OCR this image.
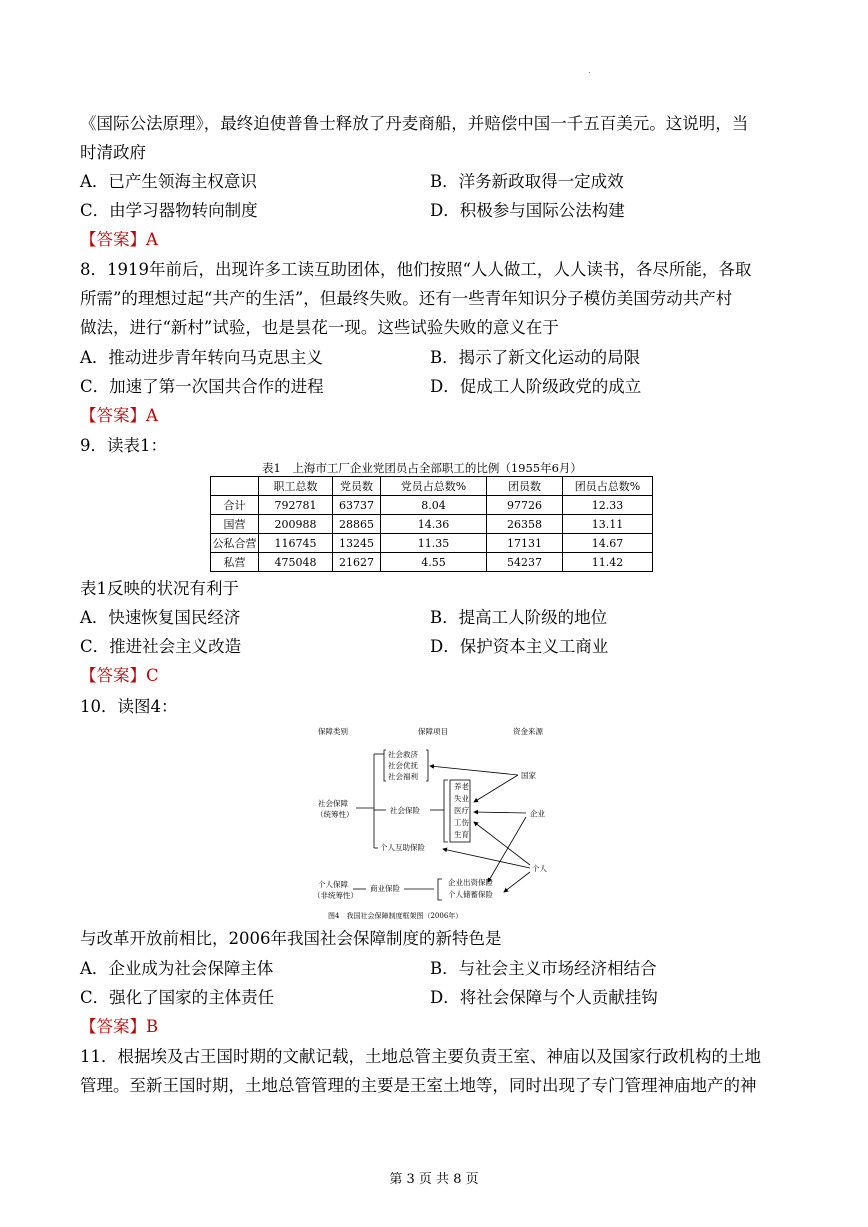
.
《国际公法原理》，最终迫使普鲁士释放了丹麦商船，并赔偿中国一千五百美元。这说明，当
时清政府
A．已产生领海主权意识	B．洋务新政取得一定成效
C．由学习器物转向制度	D．积极参与国际公法构建
【答案】A
8．1919年前后，出现许多工读互助团体，他们按照“人人做工，人人读书，各尽所能，各取
所需”的理想过起“共产的生活”，但最终失败。还有一些青年知识分子模仿美国劳动共产村
做法，进行“新村”试验，也是昙花一现。这些试验失败的意义在于
A．推动进步青年转向马克思主义	B．揭示了新文化运动的局限
C．加速了第一次国共合作的进程	D．促成工人阶级政党的成立
【答案】A
9．读表1：
表1　上海市工厂企业党团员占全部职工的比例（1955年6月）
	职工总数	党员数	党员占总数%	团员数	团员占总数%
合计	792781	63737	8.04	97726	12.33
国营	200988	28865	14.36	26358	13.11
公私合营	116745	13245	11.35	17131	14.67
私营	475048	21627	4.55	54237	11.42
表1反映的状况有利于
A．快速恢复国民经济	B．提高工人阶级的地位
C．推进社会主义改造	D．保护资本主义工商业
【答案】C
10．读图4：
保障类别	保障项目	资金来源
社会保障
（统筹性）
社会救济
社会优抚
社会福利
社会保险
个人互助保险
养老
失业
医疗
工伤
生育
国家
企业
个人
个人保障
（非统筹性）
商业保险
企业出资保险
个人储蓄保险
图4　我国社会保障制度框架图（2006年）
与改革开放前相比，2006年我国社会保障制度的新特色是
A．企业成为社会保障主体	B．与社会主义市场经济相结合
C．强化了国家的主体责任	D．将社会保障与个人贡献挂钩
【答案】B
11．根据埃及古王国时期的文献记载，土地总管主要负责王室、神庙以及国家行政机构的土地
管理。至新王国时期，土地总管管理的主要是王室土地等，同时出现了专门管理神庙地产的神
第 3 页 共 8 页
